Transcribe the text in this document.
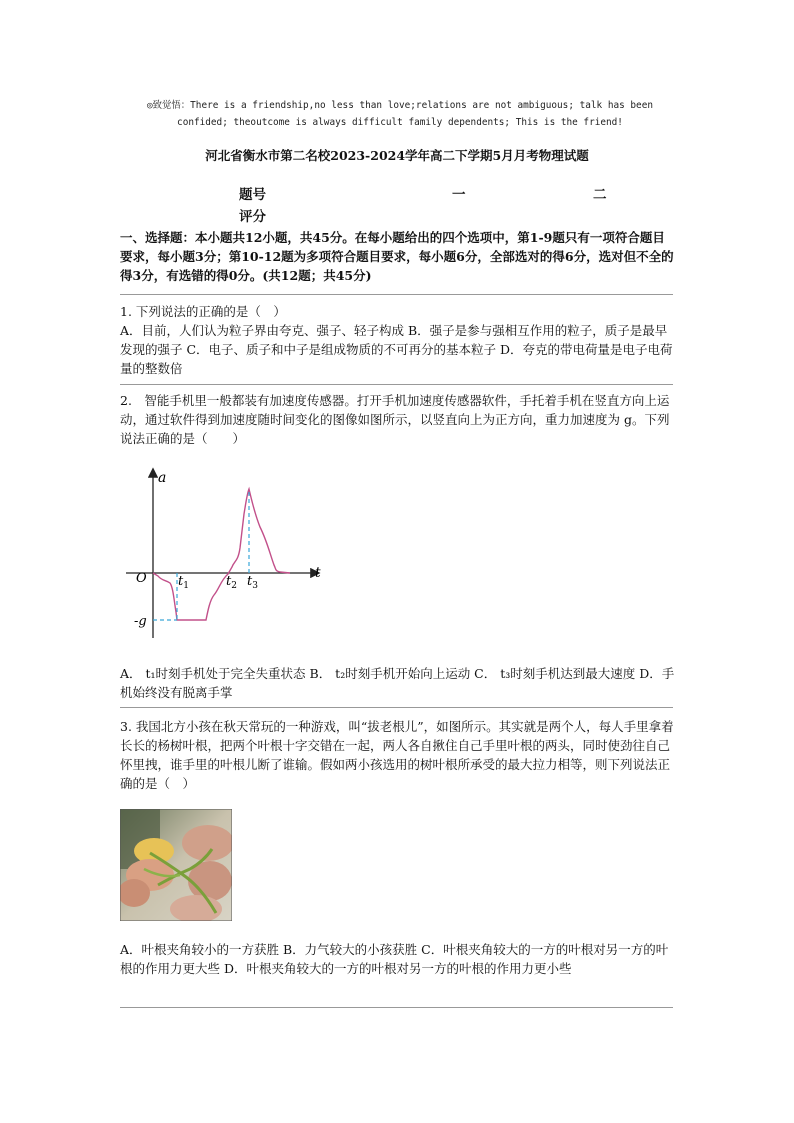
◎致觉悟：There is a friendship,no less than love;relations are not ambiguous; talk has been
confided; theoutcome is always difficult family dependents; This is the friend!
河北省衡水市第二名校2023-2024学年高二下学期5月月考物理试题
题号	一	二
评分
一、选择题：本小题共12小题，共45分。在每小题给出的四个选项中，第1-9题只有一项符合题目要求，每小题3分；第10-12题为多项符合题目要求，每小题6分，全部选对的得6分，选对但不全的得3分，有选错的得0分。(共12题；共45分)

1. 下列说法的正确的是（　）

A．目前，人们认为粒子界由夸克、强子、轻子构成 B．强子是参与强相互作用的粒子，质子是最早发现的强子 C．电子、质子和中子是组成物质的不可再分的基本粒子 D．夸克的带电荷量是电子电荷量的整数倍

2.　智能手机里一般都装有加速度传感器。打开手机加速度传感器软件，手托着手机在竖直方向上运动，通过软件得到加速度随时间变化的图像如图所示，以竖直向上为正方向，重力加速度为 g。下列说法正确的是（　　）

a
t
O
-g
$t_1$	$t_2$ $t_3$

A． t₁时刻手机处于完全失重状态 B． t₂时刻手机开始向上运动 C． t₃时刻手机达到最大速度 D．手机始终没有脱离手掌

3. 我国北方小孩在秋天常玩的一种游戏，叫“拔老根儿”，如图所示。其实就是两个人，每人手里拿着长长的杨树叶根，把两个叶根十字交错在一起，两人各自揪住自己手里叶根的两头，同时使劲往自己怀里拽，谁手里的叶根儿断了谁输。假如两小孩选用的树叶根所承受的最大拉力相等，则下列说法正确的是（　）

A．叶根夹角较小的一方获胜 B．力气较大的小孩获胜 C．叶根夹角较大的一方的叶根对另一方的叶根的作用力更大些 D．叶根夹角较大的一方的叶根对另一方的叶根的作用力更小些
